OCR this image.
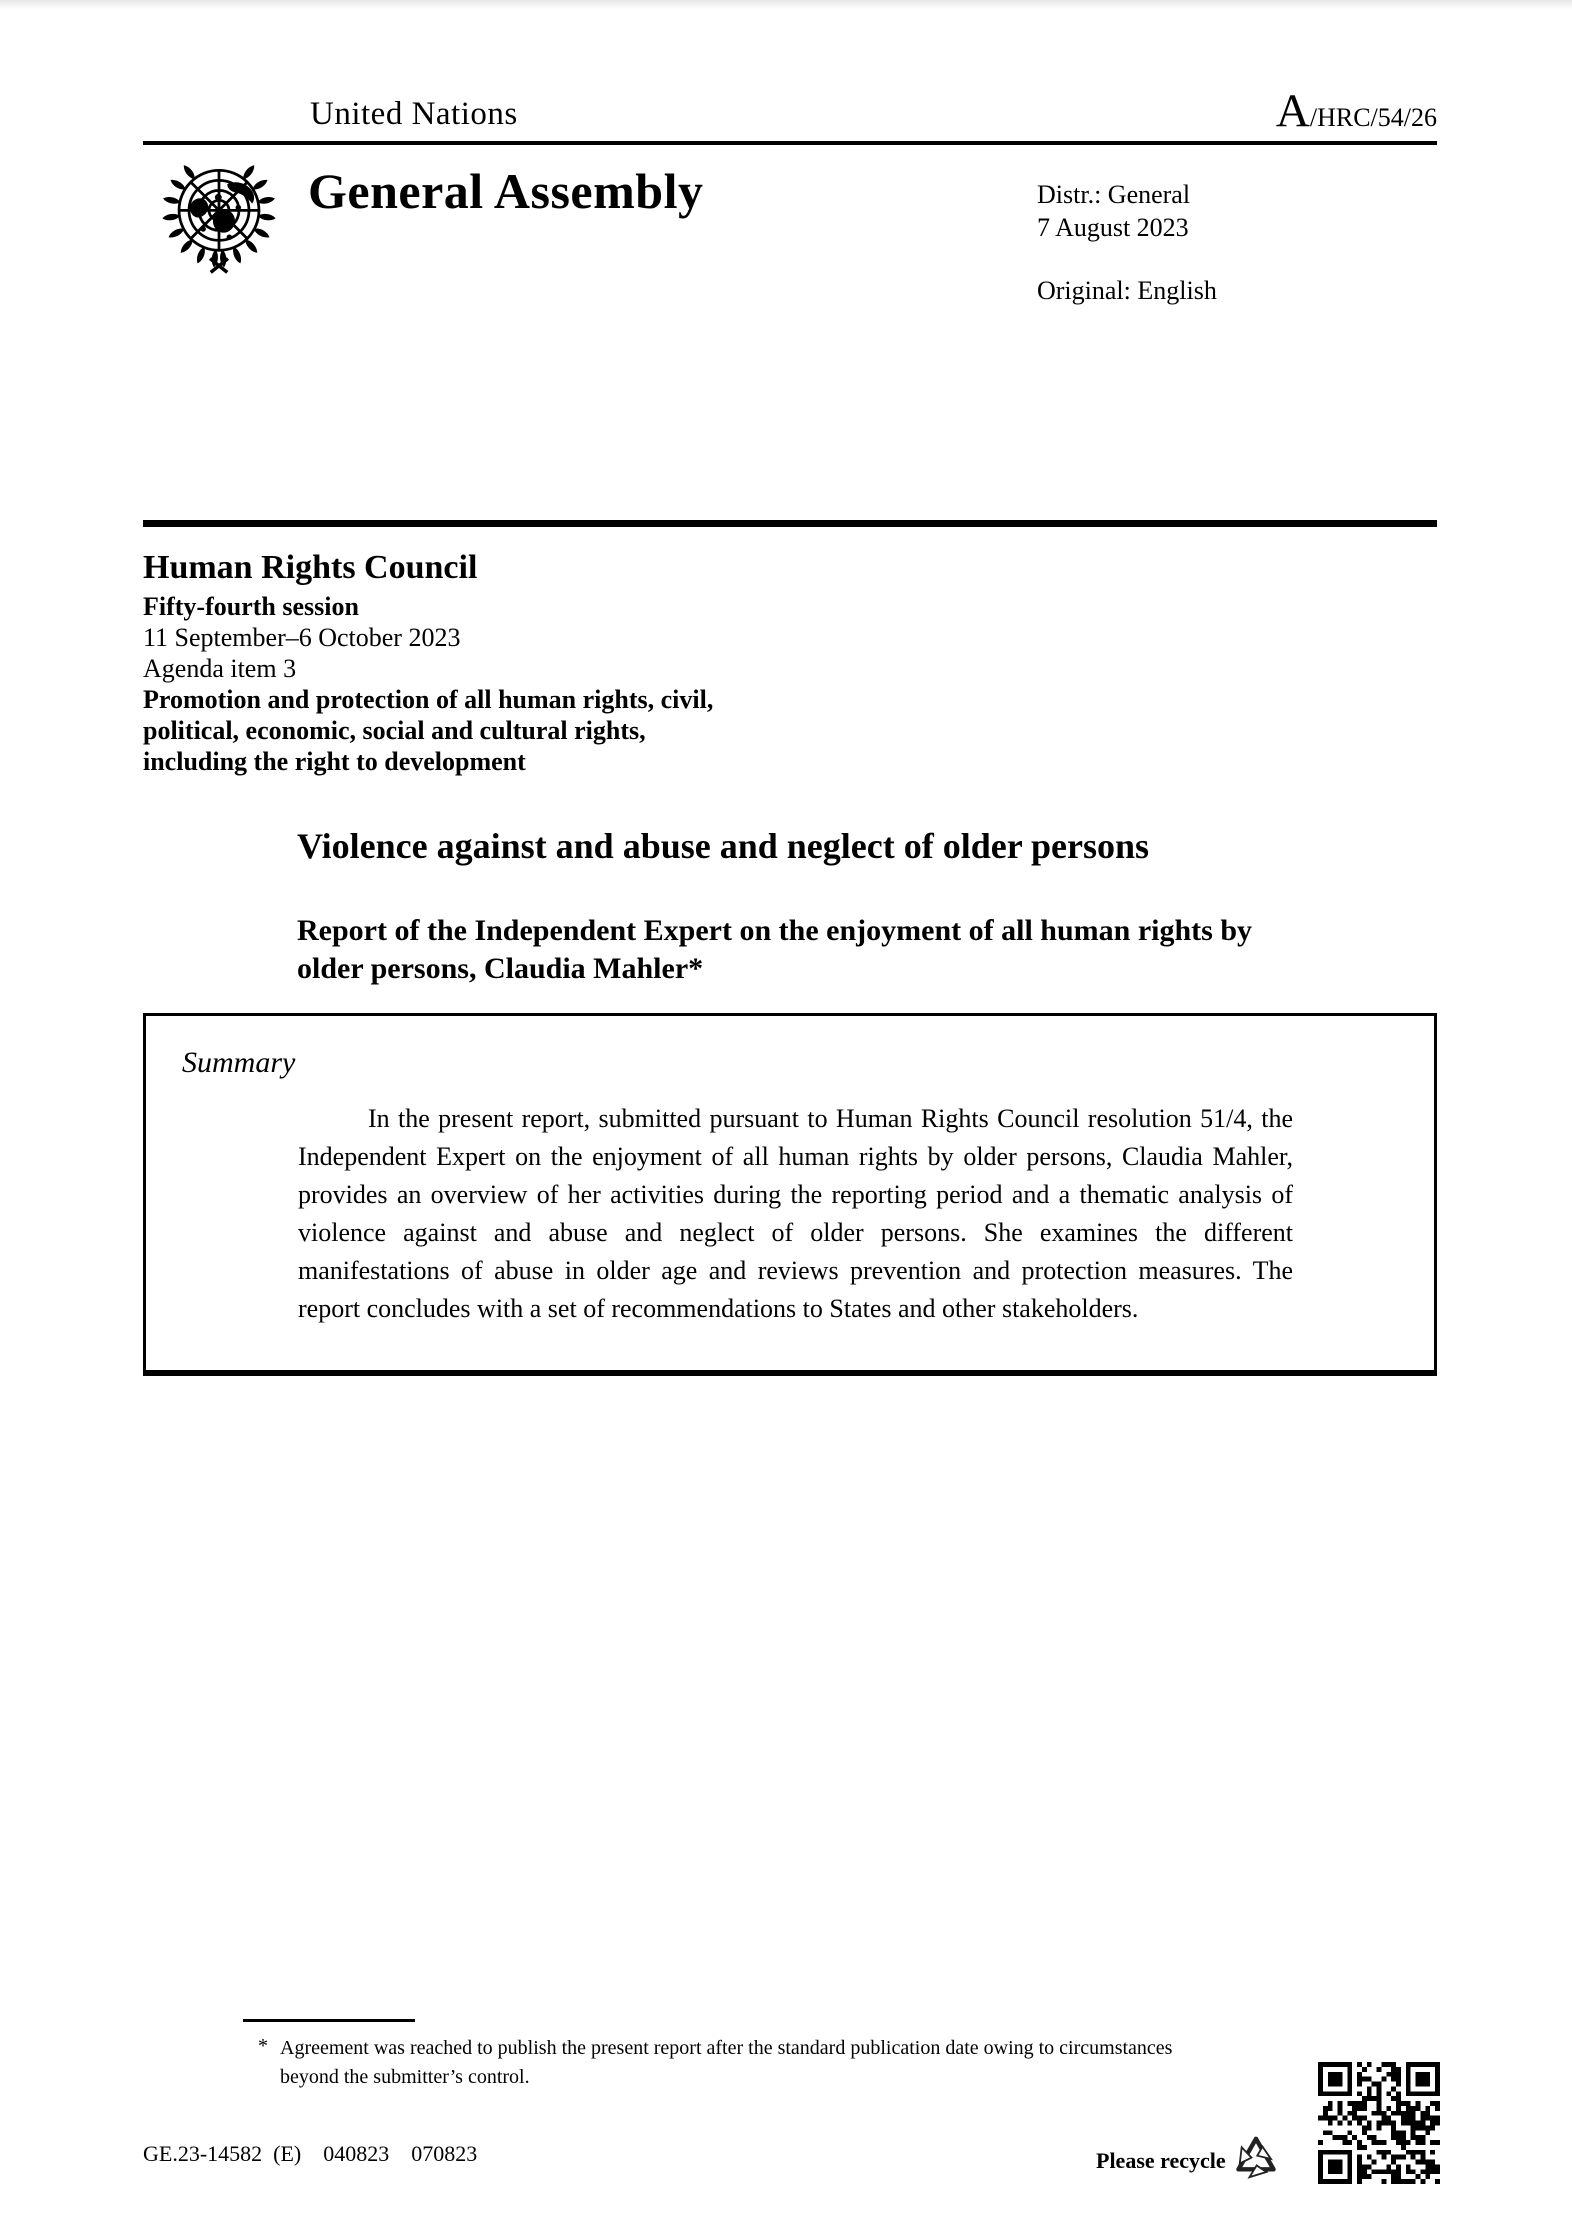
United Nations	A /HRC/54/26
General Assembly	Distr.: General
7 August 2023
Original: English
Human Rights Council
Fifty-fourth session
11 September–6 October 2023
Agenda item 3
Promotion and protection of all human rights, civil,
political, economic, social and cultural rights,
including the right to development
Violence against and abuse and neglect of older persons
Report of the Independent Expert on the enjoyment of all human rights by older persons, Claudia Mahler*
Summary
In the present report, submitted pursuant to Human Rights Council resolution 51/4, the Independent Expert on the enjoyment of all human rights by older persons, Claudia Mahler, provides an overview of her activities during the reporting period and a thematic analysis of violence against and abuse and neglect of older persons. She examines the different manifestations of abuse in older age and reviews prevention and protection measures. The report concludes with a set of recommendations to States and other stakeholders.
* Agreement was reached to publish the present report after the standard publication date owing to circumstances beyond the submitter’s control.
GE.23-14582  (E)    040823    070823	Please recycle
